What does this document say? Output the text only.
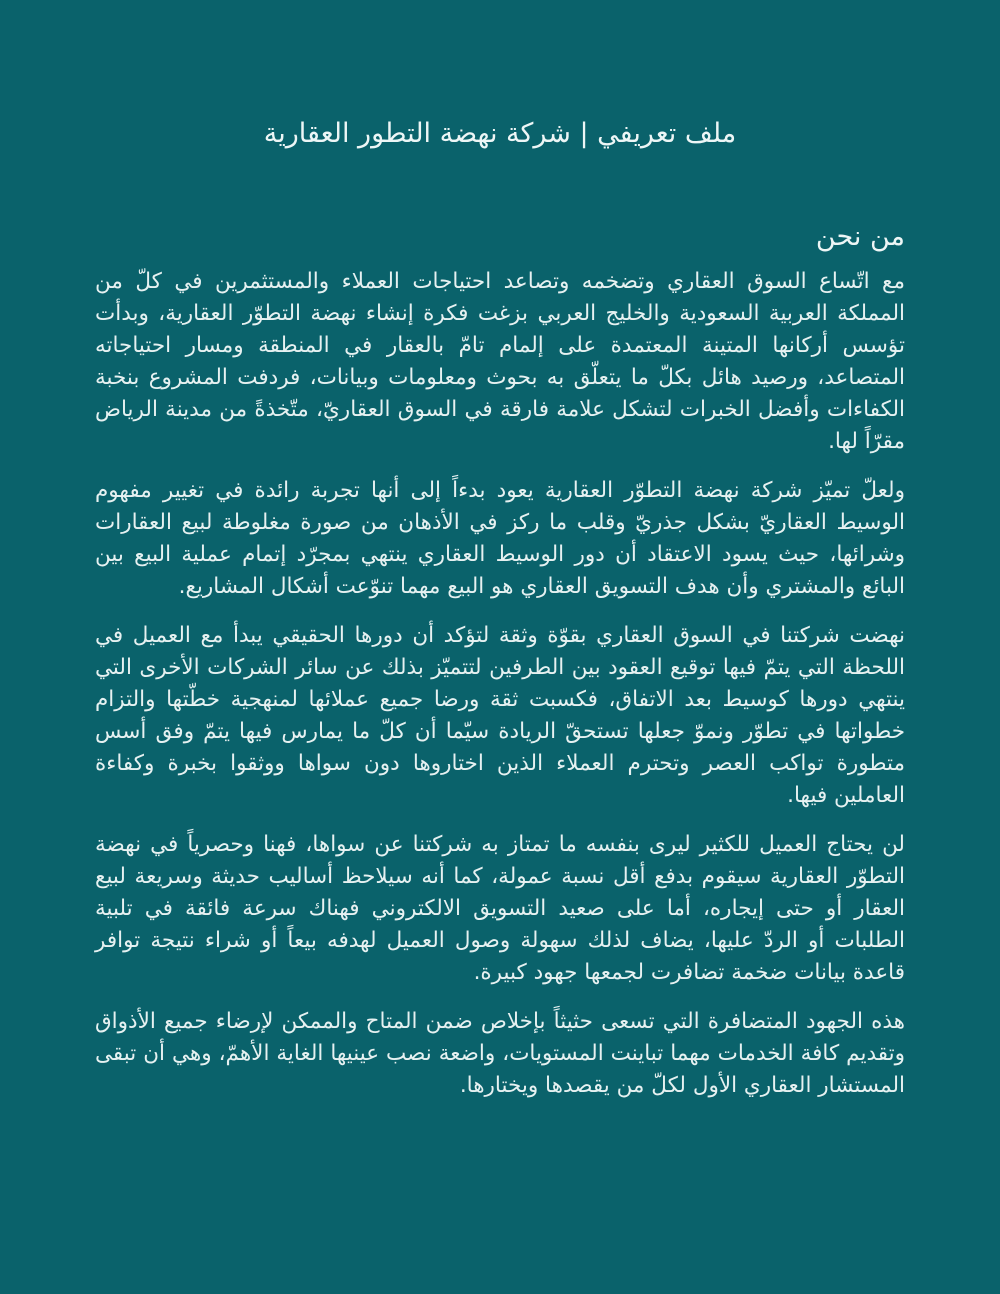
ملف تعريفي | شركة نهضة التطور العقارية
من نحن

مع اتّساع السوق العقاري وتضخمه وتصاعد احتياجات العملاء والمستثمرين في كلّ من المملكة العربية السعودية والخليج العربي بزغت فكرة إنشاء نهضة التطوّر العقارية، وبدأت تؤسس أركانها المتينة المعتمدة على إلمام تامّ بالعقار في المنطقة ومسار احتياجاته المتصاعد، ورصيد هائل بكلّ ما يتعلّق به بحوث ومعلومات وبيانات، فردفت المشروع بنخبة الكفاءات وأفضل الخبرات لتشكل علامة فارقة في السوق العقاريّ، متّخذةً من مدينة الرياض مقرّاً لها.

ولعلّ تميّز شركة نهضة التطوّر العقارية يعود بدءاً إلى أنها تجربة رائدة في تغيير مفهوم الوسيط العقاريّ بشكل جذريّ وقلب ما ركز في الأذهان من صورة مغلوطة لبيع العقارات وشرائها، حيث يسود الاعتقاد أن دور الوسيط العقاري ينتهي بمجرّد إتمام عملية البيع بين البائع والمشتري وأن هدف التسويق العقاري هو البيع مهما تنوّعت أشكال المشاريع.

نهضت شركتنا في السوق العقاري بقوّة وثقة لتؤكد أن دورها الحقيقي يبدأ مع العميل في اللحظة التي يتمّ فيها توقيع العقود بين الطرفين لتتميّز بذلك عن سائر الشركات الأخرى التي ينتهي دورها كوسيط بعد الاتفاق، فكسبت ثقة ورضا جميع عملائها لمنهجية خطّتها والتزام خطواتها في تطوّر ونموّ جعلها تستحقّ الريادة سيّما أن كلّ ما يمارس فيها يتمّ وفق أسس متطورة تواكب العصر وتحترم العملاء الذين اختاروها دون سواها ووثقوا بخبرة وكفاءة العاملين فيها.

لن يحتاج العميل للكثير ليرى بنفسه ما تمتاز به شركتنا عن سواها، فهنا وحصرياً في نهضة التطوّر العقارية سيقوم بدفع أقل نسبة عمولة، كما أنه سيلاحظ أساليب حديثة وسريعة لبيع العقار أو حتى إيجاره، أما على صعيد التسويق الالكتروني فهناك سرعة فائقة في تلبية الطلبات أو الردّ عليها، يضاف لذلك سهولة وصول العميل لهدفه بيعاً أو شراء نتيجة توافر قاعدة بيانات ضخمة تضافرت لجمعها جهود كبيرة.

هذه الجهود المتضافرة التي تسعى حثيثاً بإخلاص ضمن المتاح والممكن لإرضاء جميع الأذواق وتقديم كافة الخدمات مهما تباينت المستويات، واضعة نصب عينيها الغاية الأهمّ، وهي أن تبقى المستشار العقاري الأول لكلّ من يقصدها ويختارها.
